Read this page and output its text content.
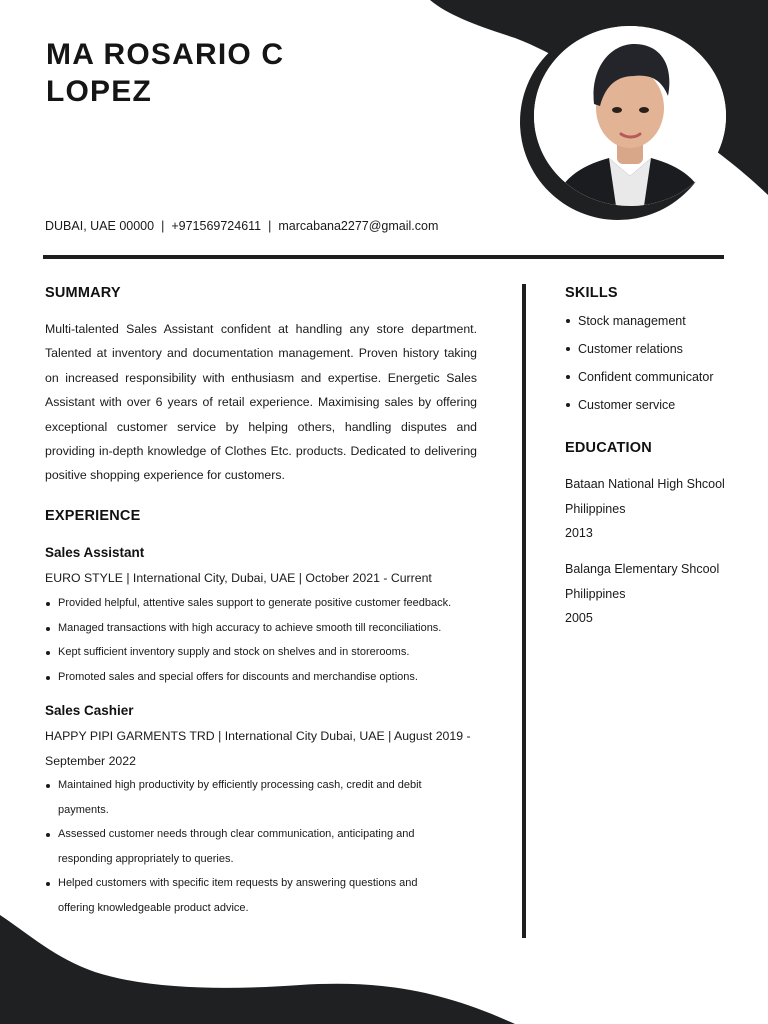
MA ROSARIO C
LOPEZ
DUBAI, UAE 00000 | +971569724611 | marcabana2277@gmail.com
SUMMARY

Multi-talented Sales Assistant confident at handling any store department. Talented at inventory and documentation management. Proven history taking on increased responsibility with enthusiasm and expertise. Energetic Sales Assistant with over 6 years of retail experience. Maximising sales by offering exceptional customer service by helping others, handling disputes and providing in-depth knowledge of Clothes Etc. products. Dedicated to delivering positive shopping experience for customers.

EXPERIENCE
Sales Assistant
EURO STYLE | International City, Dubai, UAE | October 2021 - Current
Provided helpful, attentive sales support to generate positive customer feedback.
Managed transactions with high accuracy to achieve smooth till reconciliations.
Kept sufficient inventory supply and stock on shelves and in storerooms.
Promoted sales and special offers for discounts and merchandise options.
Sales Cashier
HAPPY PIPI GARMENTS TRD | International City Dubai, UAE | August 2019 -
September 2022
Maintained high productivity by efficiently processing cash, credit and debit
payments.
Assessed customer needs through clear communication, anticipating and
responding appropriately to queries.
Helped customers with specific item requests by answering questions and
offering knowledgeable product advice.
SKILLS
Stock management
Customer relations
Confident communicator
Customer service
EDUCATION
Bataan National High Shcool
Philippines
2013
Balanga Elementary Shcool
Philippines
2005
